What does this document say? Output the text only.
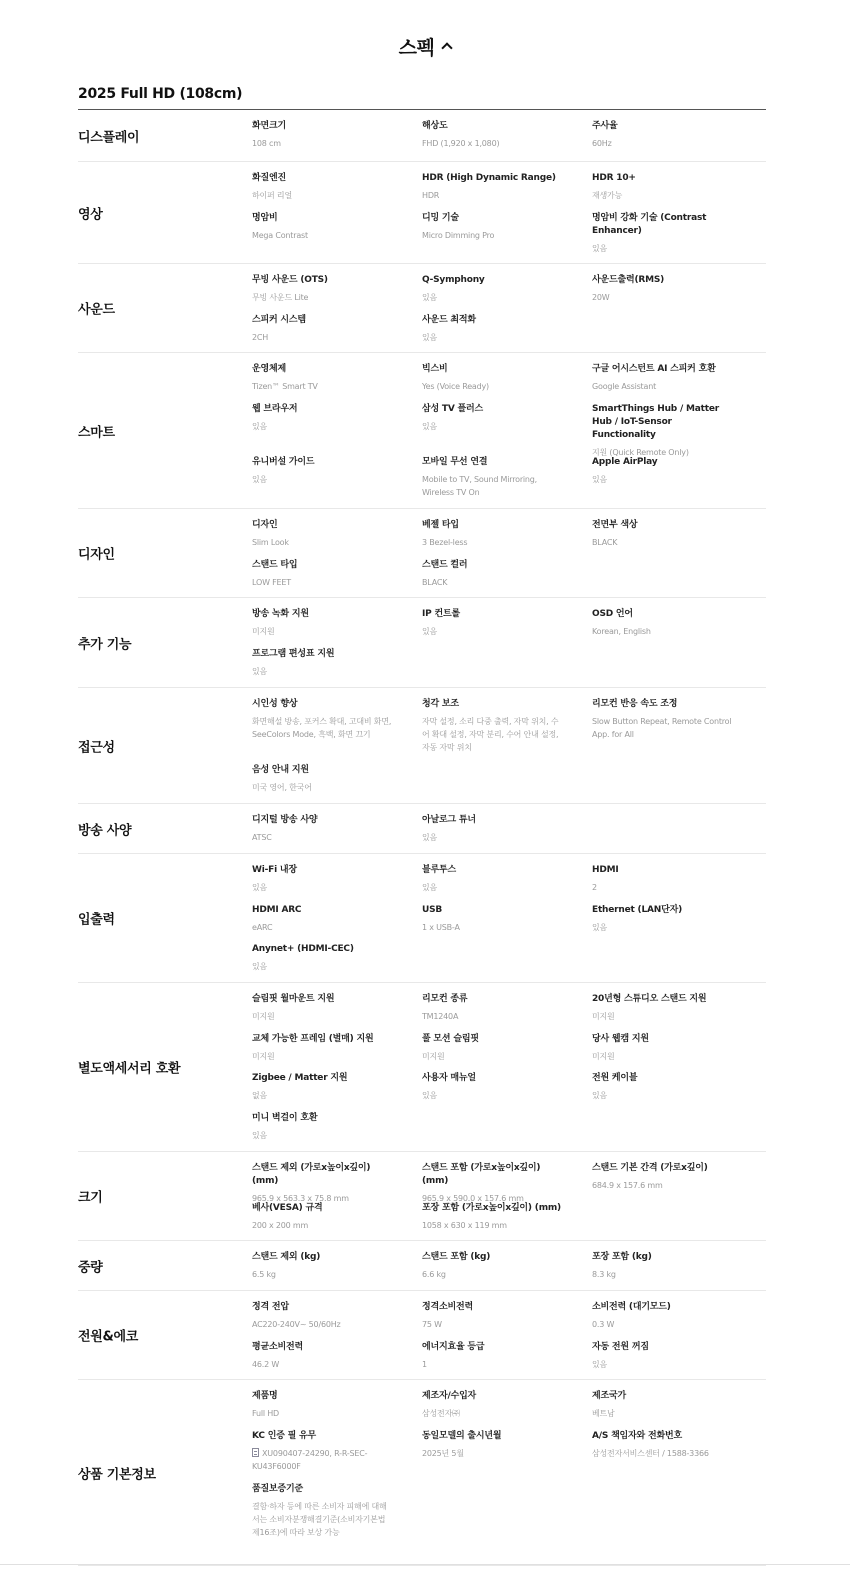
스펙
2025 Full HD (108cm)
디스플레이
화면크기
108 cm
해상도
FHD (1,920 x 1,080)
주사율
60Hz
영상
화질엔진
하이퍼 리얼
HDR (High Dynamic Range)
HDR
HDR 10+
재생가능
명암비
Mega Contrast
디밍 기술
Micro Dimming Pro
명암비 강화 기술 (Contrast Enhancer)
있음
사운드
무빙 사운드 (OTS)
무빙 사운드 Lite
Q-Symphony
있음
사운드출력(RMS)
20W
스피커 시스템
2CH
사운드 최적화
있음
스마트
운영체제
Tizen™ Smart TV
빅스비
Yes (Voice Ready)
구글 어시스턴트 AI 스피커 호환
Google Assistant
웹 브라우저
있음
삼성 TV 플러스
있음
SmartThings Hub / Matter Hub / IoT-Sensor Functionality
지원 (Quick Remote Only)
유니버설 가이드
있음
모바일 무선 연결
Mobile to TV, Sound Mirroring, Wireless TV On
Apple AirPlay
있음
디자인
디자인
Slim Look
베젤 타입
3 Bezel-less
전면부 색상
BLACK
스탠드 타입
LOW FEET
스탠드 컬러
BLACK
추가 기능
방송 녹화 지원
미지원
IP 컨트롤
있음
OSD 언어
Korean, English
프로그램 편성표 지원
있음
접근성
시인성 향상
화면해설 방송, 포커스 확대, 고대비 화면, SeeColors Mode, 흑백, 화면 끄기
청각 보조
자막 설정, 소리 다중 출력, 자막 위치, 수어 확대 설정, 자막 분리, 수어 안내 설정, 자동 자막 위치
리모컨 반응 속도 조정
Slow Button Repeat, Remote Control App. for All
음성 안내 지원
미국 영어, 한국어
방송 사양
디지털 방송 사양
ATSC
아날로그 튜너
있음
입출력
Wi-Fi 내장
있음
블루투스
있음
HDMI
2
HDMI ARC
eARC
USB
1 x USB-A
Ethernet (LAN단자)
있음
Anynet+ (HDMI-CEC)
있음
별도액세서리 호환
슬림핏 월마운트 지원
미지원
리모컨 종류
TM1240A
20년형 스튜디오 스탠드 지원
미지원
교체 가능한 프레임 (별매) 지원
미지원
풀 모션 슬림핏
미지원
당사 웹캠 지원
미지원
Zigbee / Matter 지원
없음
사용자 매뉴얼
있음
전원 케이블
있음
미니 벽걸이 호환
있음
크기
스탠드 제외 (가로x높이x깊이)(mm)
965.9 x 563.3 x 75.8 mm
스탠드 포함 (가로x높이x깊이) (mm)
965.9 x 590.0 x 157.6 mm
스탠드 기본 간격 (가로x깊이)
684.9 x 157.6 mm
베사(VESA) 규격
200 x 200 mm
포장 포함 (가로x높이x깊이) (mm)
1058 x 630 x 119 mm
중량
스탠드 제외 (kg)
6.5 kg
스탠드 포함 (kg)
6.6 kg
포장 포함 (kg)
8.3 kg
전원&에코
정격 전압
AC220-240V~ 50/60Hz
정격소비전력
75 W
소비전력 (대기모드)
0.3 W
평균소비전력
46.2 W
에너지효율 등급
1
자동 전원 꺼짐
있음
상품 기본정보
제품명
Full HD
제조자/수입자
삼성전자㈜
제조국가
베트남
KC 인증 필 유무
XU090407-24290, R-R-SEC-KU43F6000F
동일모델의 출시년월
2025년 5월
A/S 책임자와 전화번호
삼성전자서비스센터 / 1588-3366
품질보증기준
결함·하자 등에 따른 소비자 피해에 대해서는 소비자분쟁해결기준(소비자기본법 제16조)에 따라 보상 가능
